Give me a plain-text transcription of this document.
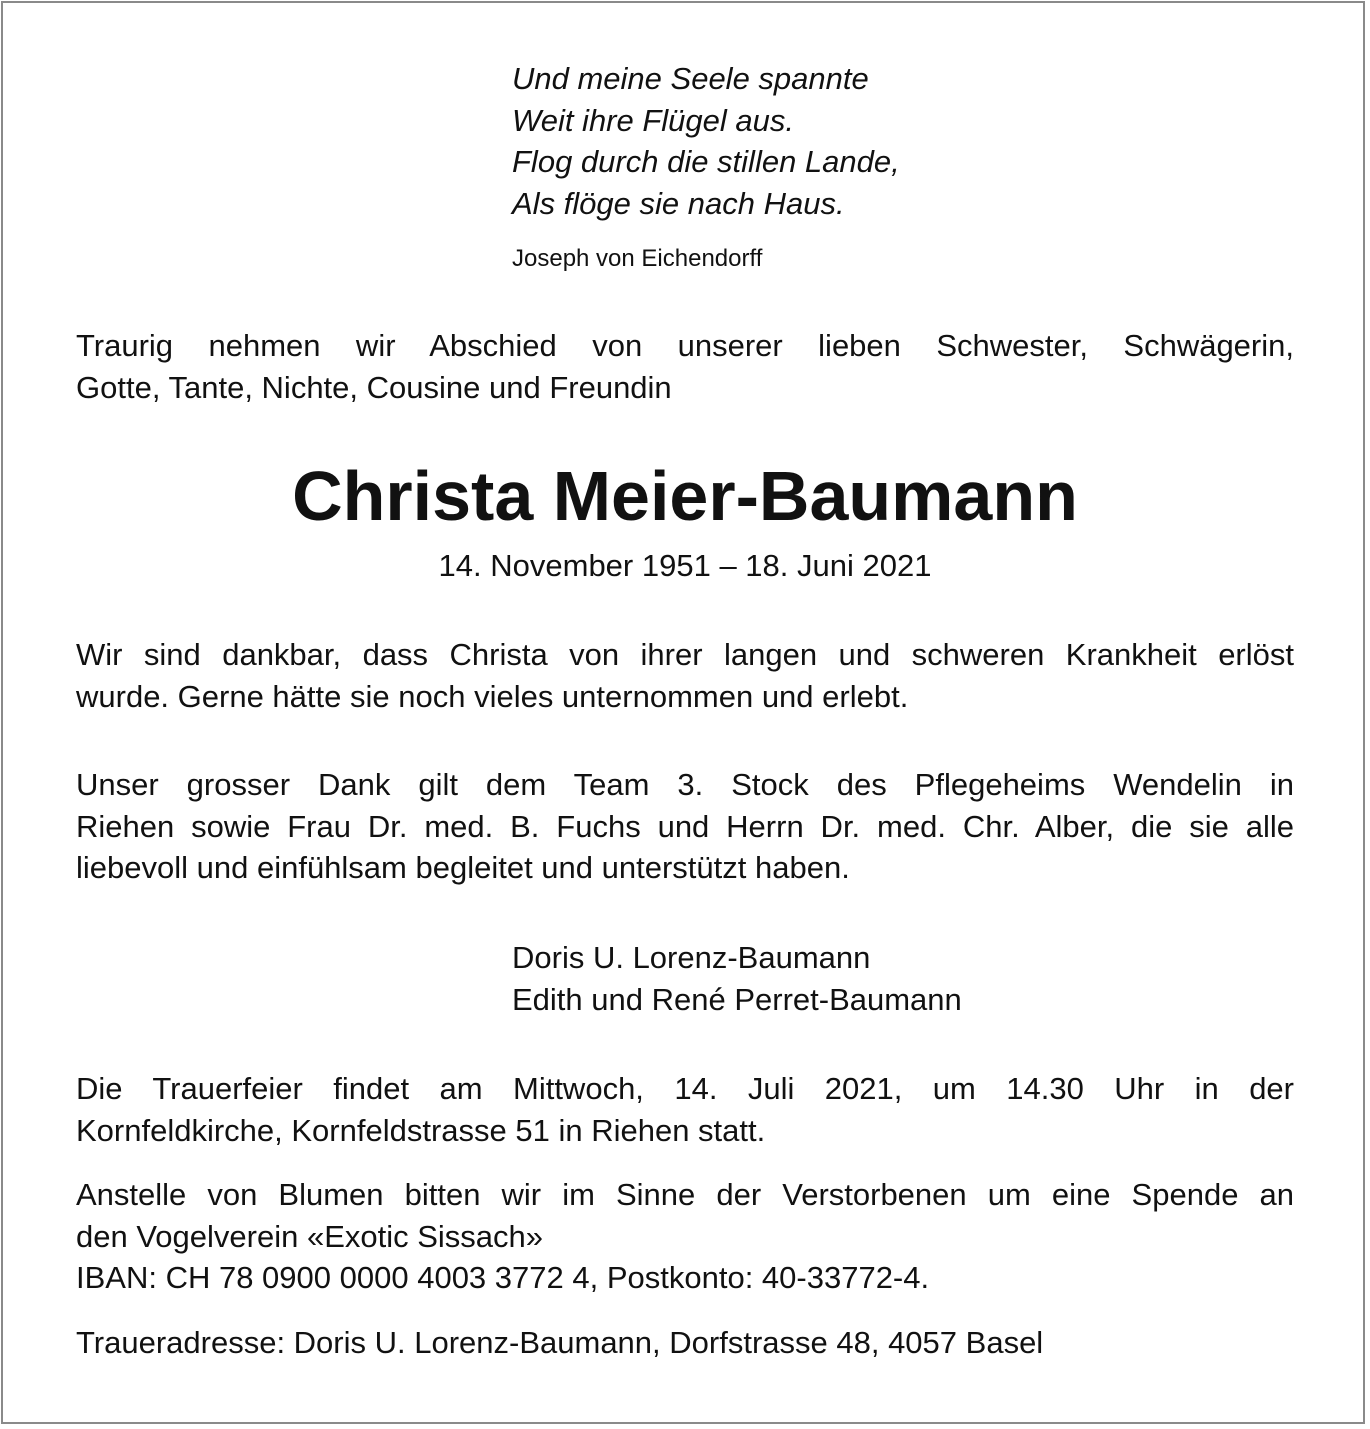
Und meine Seele spannte
Weit ihre Flügel aus.
Flog durch die stillen Lande,
Als flöge sie nach Haus.
Joseph von Eichendorff
Traurig nehmen wir Abschied von unserer lieben Schwester, Schwägerin,
Gotte, Tante, Nichte, Cousine und Freundin
Christa Meier-Baumann
14. November 1951 – 18. Juni 2021
Wir sind dankbar, dass Christa von ihrer langen und schweren Krankheit erlöst
wurde. Gerne hätte sie noch vieles unternommen und erlebt.
Unser grosser Dank gilt dem Team 3. Stock des Pflegeheims Wendelin in
Riehen sowie Frau Dr. med. B. Fuchs und Herrn Dr. med. Chr. Alber, die sie alle
liebevoll und einfühlsam begleitet und unterstützt haben.
Doris U. Lorenz-Baumann
Edith und René Perret-Baumann
Die Trauerfeier findet am Mittwoch, 14. Juli 2021, um 14.30 Uhr in der
Kornfeldkirche, Kornfeldstrasse 51 in Riehen statt.
Anstelle von Blumen bitten wir im Sinne der Verstorbenen um eine Spende an
den Vogelverein «Exotic Sissach»
IBAN: CH 78 0900 0000 4003 3772 4, Postkonto: 40-33772-4.
Traueradresse: Doris U. Lorenz-Baumann, Dorfstrasse 48, 4057 Basel
